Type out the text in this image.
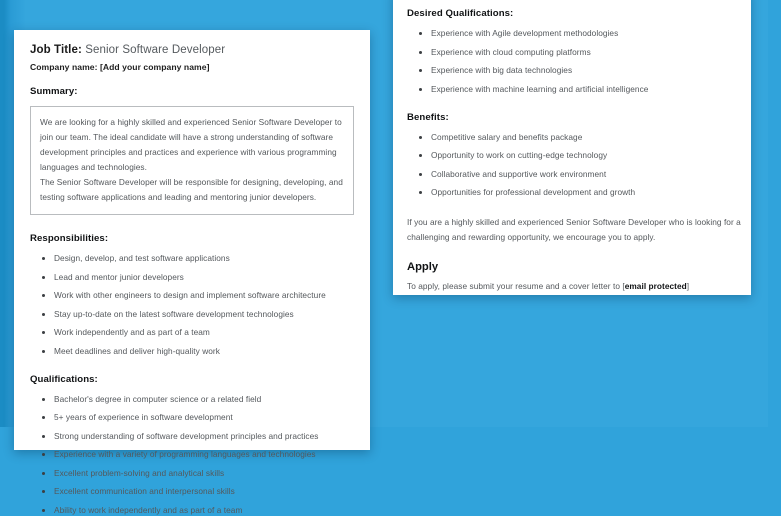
Job Title: Senior Software Developer

Company name: [Add your company name]

Summary:

We are looking for a highly skilled and experienced Senior Software Developer to join our team. The ideal candidate will have a strong understanding of software development principles and practices and experience with various programming languages and technologies.

The Senior Software Developer will be responsible for designing, developing, and testing software applications and leading and mentoring junior developers.

Responsibilities:
Design, develop, and test software applications
Lead and mentor junior developers
Work with other engineers to design and implement software architecture
Stay up-to-date on the latest software development technologies
Work independently and as part of a team
Meet deadlines and deliver high-quality work
Qualifications:
Bachelor's degree in computer science or a related field
5+ years of experience in software development
Strong understanding of software development principles and practices
Experience with a variety of programming languages and technologies
Excellent problem-solving and analytical skills
Excellent communication and interpersonal skills
Ability to work independently and as part of a team
Desired Qualifications:
Experience with Agile development methodologies
Experience with cloud computing platforms
Experience with big data technologies
Experience with machine learning and artificial intelligence
Benefits:
Competitive salary and benefits package
Opportunity to work on cutting-edge technology
Collaborative and supportive work environment
Opportunities for professional development and growth

If you are a highly skilled and experienced Senior Software Developer who is looking for a challenging and rewarding opportunity, we encourage you to apply.

Apply

To apply, please submit your resume and a cover letter to [email protected]
